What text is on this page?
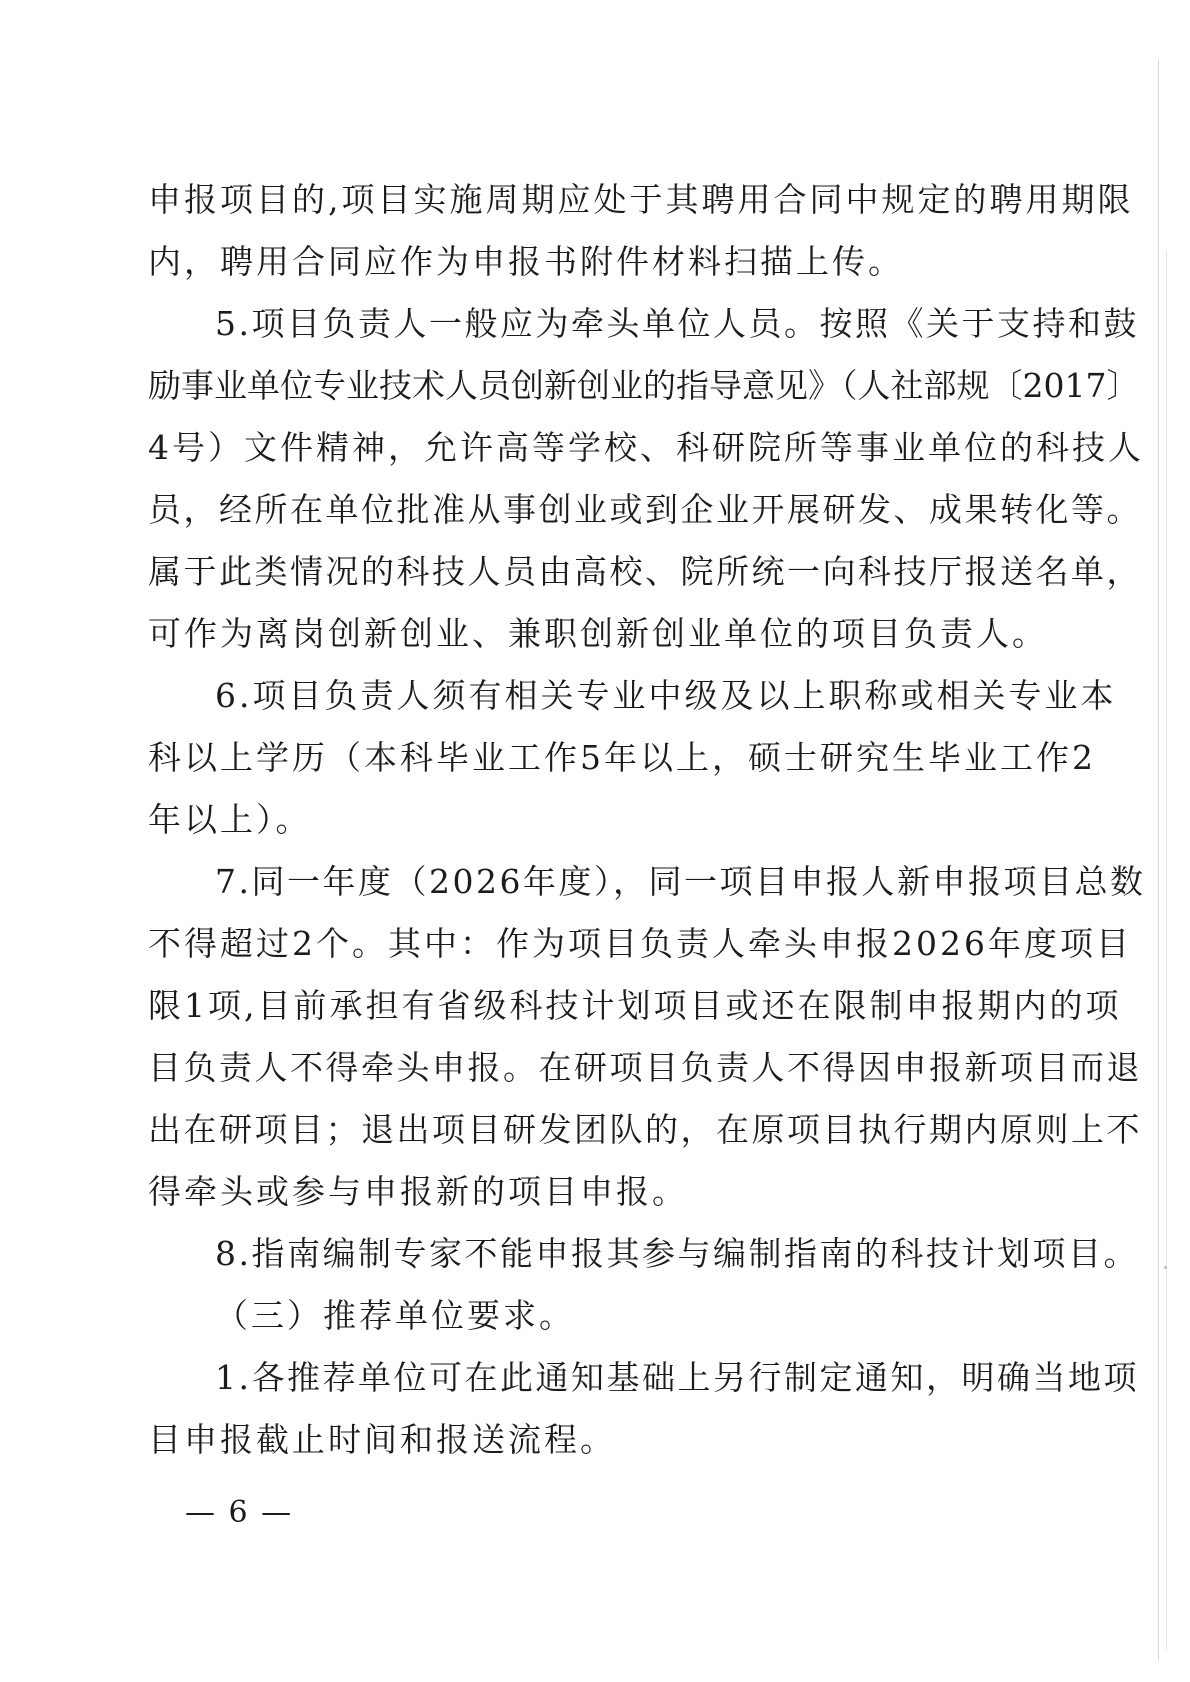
申报项目的,项目实施周期应处于其聘用合同中规定的聘用期限
内，聘用合同应作为申报书附件材料扫描上传。
5.项目负责人一般应为牵头单位人员。按照《关于支持和鼓
励事业单位专业技术人员创新创业的指导意见》（人社部规〔2017〕
4号）文件精神，允许高等学校、科研院所等事业单位的科技人
员，经所在单位批准从事创业或到企业开展研发、成果转化等。
属于此类情况的科技人员由高校、院所统一向科技厅报送名单，
可作为离岗创新创业、兼职创新创业单位的项目负责人。
6.项目负责人须有相关专业中级及以上职称或相关专业本
科以上学历（本科毕业工作5年以上，硕士研究生毕业工作2
年以上）。
7.同一年度（2026年度），同一项目申报人新申报项目总数
不得超过2个。其中：作为项目负责人牵头申报2026年度项目
限1项,目前承担有省级科技计划项目或还在限制申报期内的项
目负责人不得牵头申报。在研项目负责人不得因申报新项目而退
出在研项目；退出项目研发团队的，在原项目执行期内原则上不
得牵头或参与申报新的项目申报。
8.指南编制专家不能申报其参与编制指南的科技计划项目。
（三）推荐单位要求。
1.各推荐单位可在此通知基础上另行制定通知，明确当地项
目申报截止时间和报送流程。
— 6 —
